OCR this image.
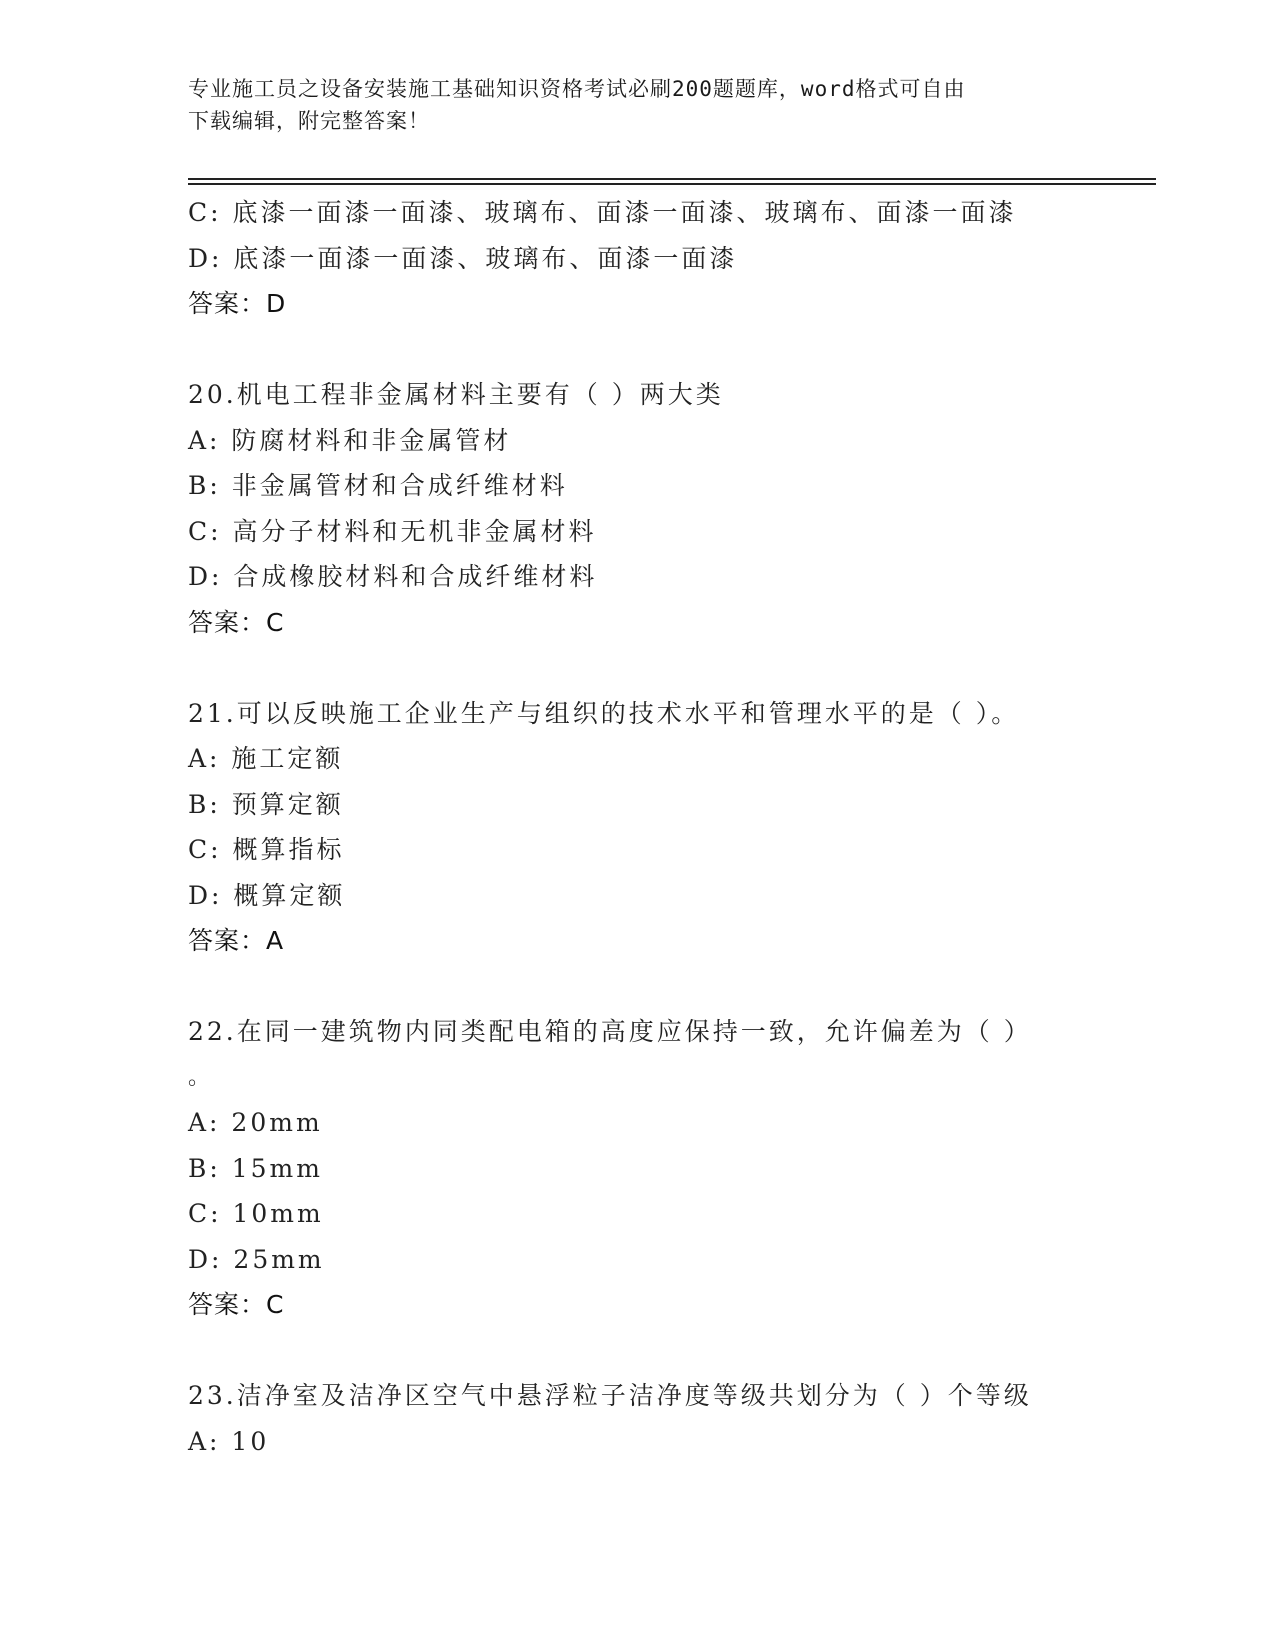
专业施工员之设备安装施工基础知识资格考试必刷200题题库，word格式可自由
下载编辑，附完整答案！
C: 底漆一面漆一面漆、玻璃布、面漆一面漆、玻璃布、面漆一面漆
D: 底漆一面漆一面漆、玻璃布、面漆一面漆
答案：D
20.机电工程非金属材料主要有（ ）两大类
A: 防腐材料和非金属管材
B: 非金属管材和合成纤维材料
C: 高分子材料和无机非金属材料
D: 合成橡胶材料和合成纤维材料
答案：C
21.可以反映施工企业生产与组织的技术水平和管理水平的是（ ）。
A: 施工定额
B: 预算定额
C: 概算指标
D: 概算定额
答案：A
22.在同一建筑物内同类配电箱的高度应保持一致，允许偏差为（ ）
。
A: 20mm
B: 15mm
C: 10mm
D: 25mm
答案：C
23.洁净室及洁净区空气中悬浮粒子洁净度等级共划分为（ ）个等级
A: 10
